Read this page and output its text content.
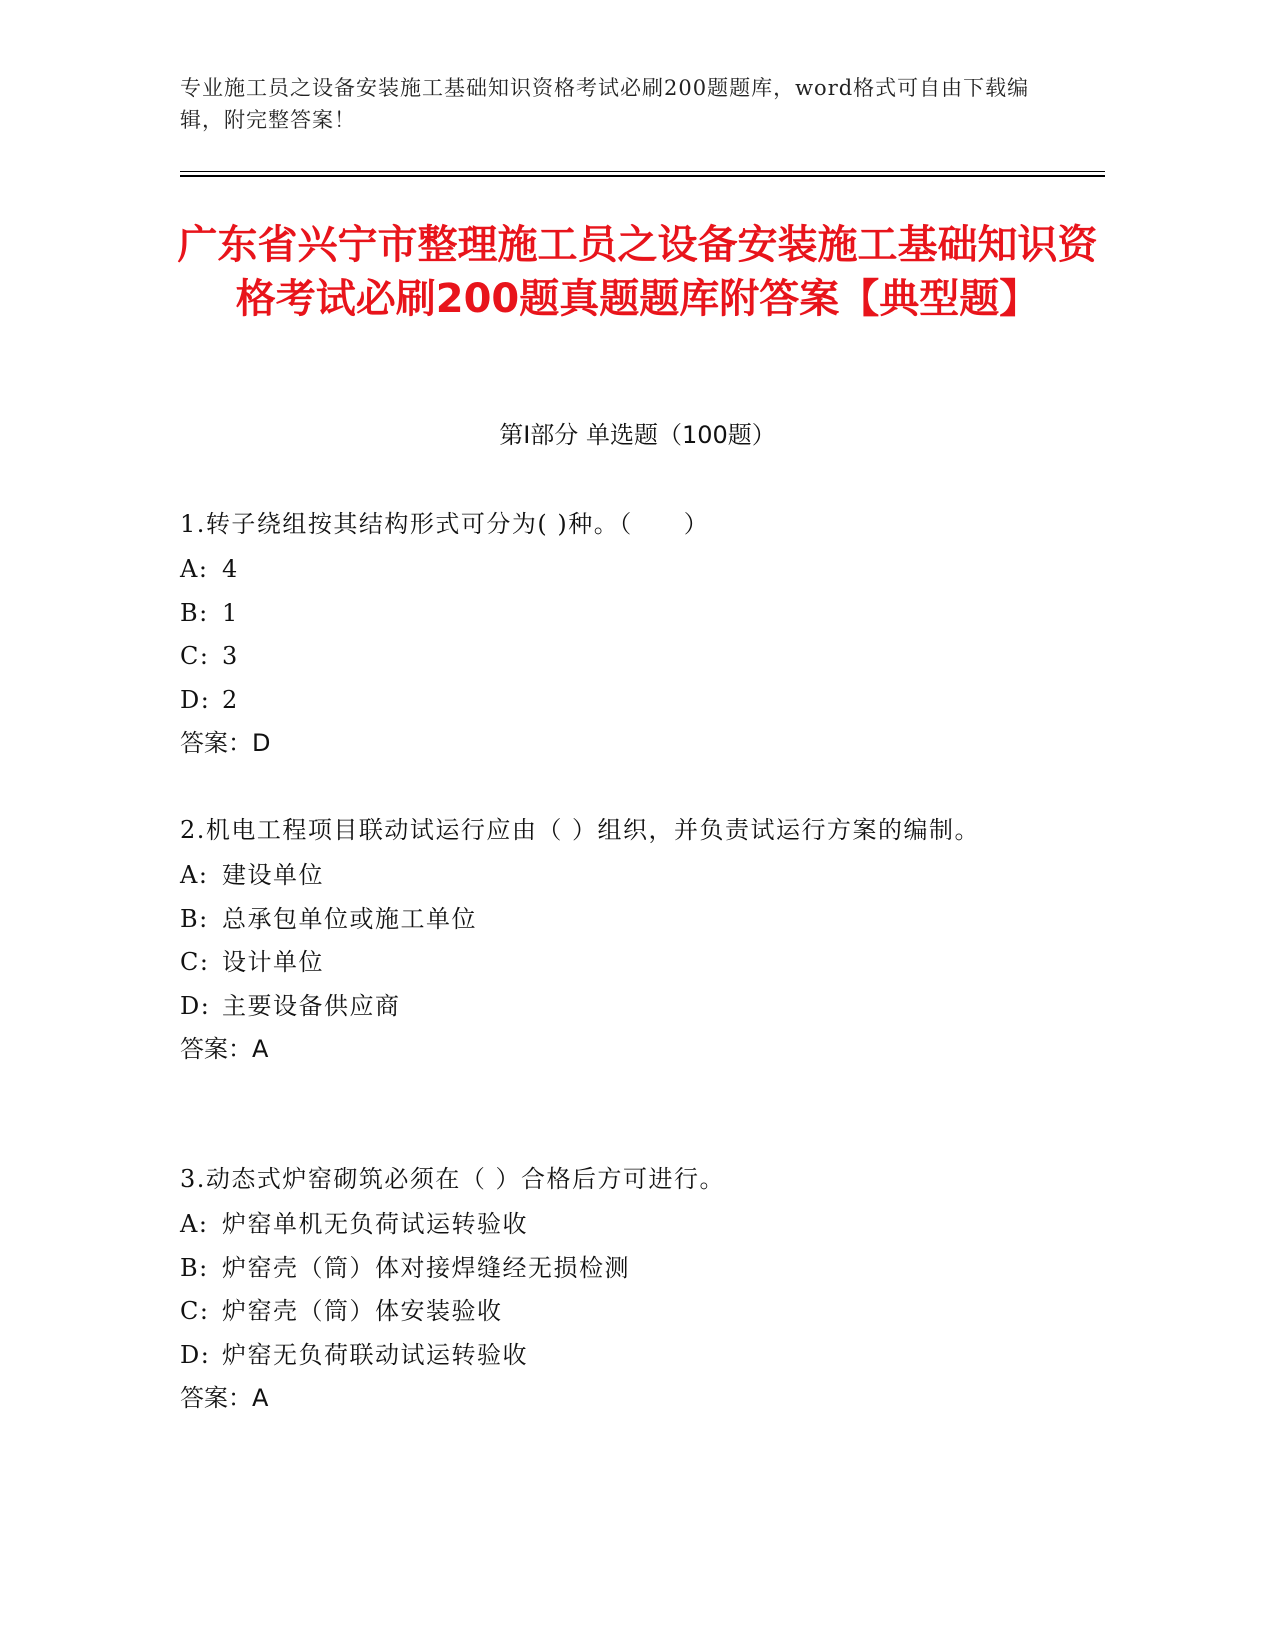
专业施工员之设备安装施工基础知识资格考试必刷200题题库，word格式可自由下载编辑，附完整答案！
广东省兴宁市整理施工员之设备安装施工基础知识资格考试必刷200题真题题库附答案【典型题】
第I部分 单选题（100题）

1.转子绕组按其结构形式可分为( )种。（　　）

A: 4

B: 1

C: 3

D: 2

答案：D

2.机电工程项目联动试运行应由（ ）组织，并负责试运行方案的编制。

A: 建设单位

B: 总承包单位或施工单位

C: 设计单位

D: 主要设备供应商

答案：A

3.动态式炉窑砌筑必须在（ ）合格后方可进行。

A: 炉窑单机无负荷试运转验收

B: 炉窑壳（筒）体对接焊缝经无损检测

C: 炉窑壳（筒）体安装验收

D: 炉窑无负荷联动试运转验收

答案：A
